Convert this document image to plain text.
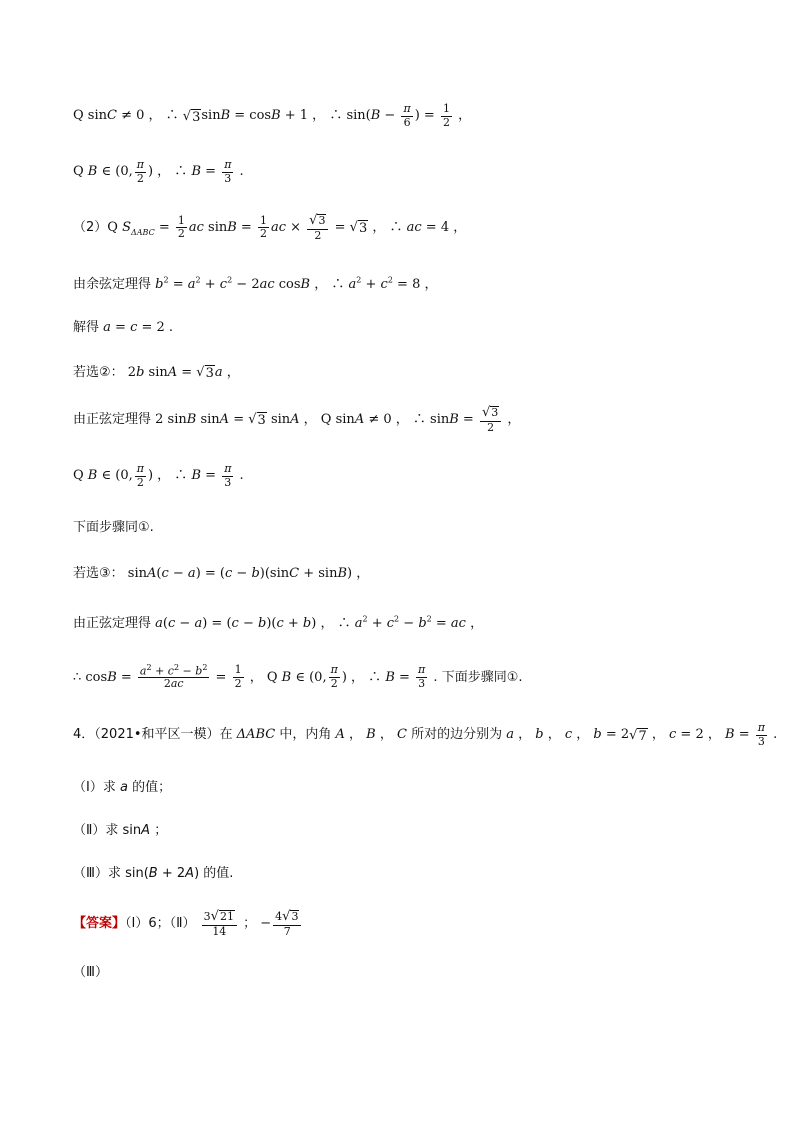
Q sinC ≠ 0 ， ∴ √ 3 sinB = cosB + 1 ， ∴ $\sin(B - \frac{\pi}{6}$ ) = $\frac{1}{2}$ ，
Q B ∈ (0, $\frac{\pi}{2}$ ) ， ∴ $B = \frac{\pi}{3}$ .
（2）Q $S_{\Delta ABC} = \frac{1}{2}$ ac $\sin B = \frac{1}{2}$ ac × $\frac{√ 3}{2}$ = √ 3 ， ∴ ac = 4 ，
由余弦定理得 $b^2 = a^2 + c^2 - 2ac$ cosB ， ∴ $a^2 + c^2 = 8$ ，
解得 a = c = 2 .
若选②： 2b sinA = √ 3 a ，
由正弦定理得 2 sinB sinA = √ 3 sinA ， Q sinA ≠ 0 ， ∴ $\sin B = \frac{√ 3}{2}$ ，
Q B ∈ (0, $\frac{\pi}{2}$ ) ， ∴ $B = \frac{\pi}{3}$ .
下面步骤同①.
若选③： sinA(c − a) = (c − b)(sinC + sinB) ，
由正弦定理得 a(c − a) = (c − b)(c + b) ， ∴ $a^2 + c^2 - b^2$ = ac ，
∴ $\cos B = \frac{a^2 + c^2 - b^2}{2ac} = \frac{1}{2}$ ， Q B ∈ (0, $\frac{\pi}{2}$ ) ， ∴ $B = \frac{\pi}{3}$ . 下面步骤同①.
4．（2021•和平区一模）在 ΔABC 中，内角 A ， B ， C 所对的边分别为 a ， b ， c ， b = 2 √ 7 ， c = 2 ， $B = \frac{\pi}{3}$ .
（Ⅰ）求 a 的值；
（Ⅱ）求 sinA ；
（Ⅲ）求 sin(B + 2A) 的值.
【答案】（Ⅰ）6；（Ⅱ） $\frac{3 √ 21}{14}$ ； − $\frac{4 √ 3}{7}$
（Ⅲ）
